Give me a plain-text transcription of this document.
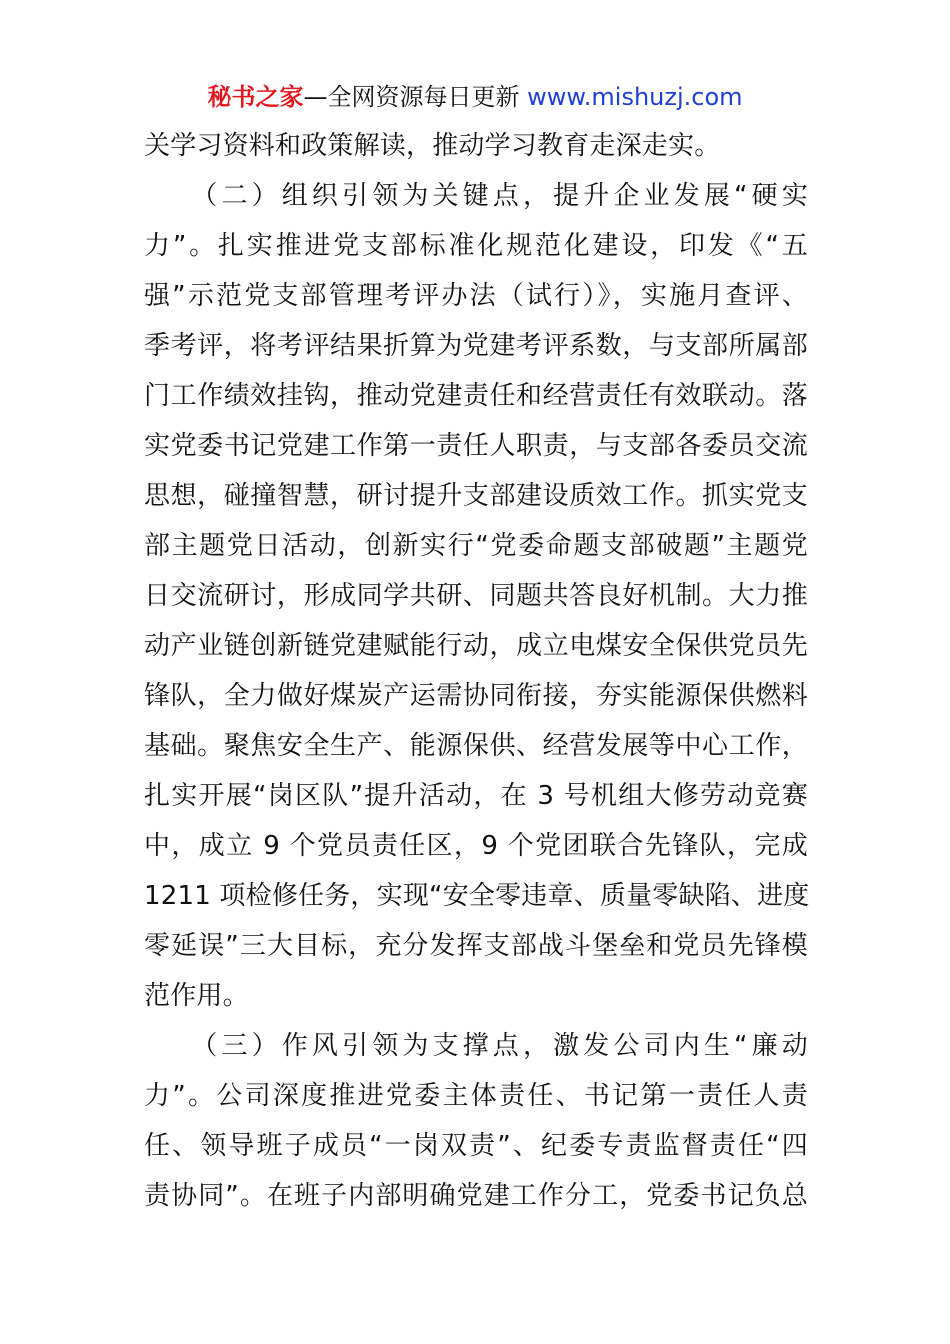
秘书之家—全网资源每日更新 www.mishuzj.com
关学习资料和政策解读，推动学习教育走深走实。
　　（二）组织引领为关键点，提升企业发展“硬实
力”。扎实推进党支部标准化规范化建设，印发《“五
强”示范党支部管理考评办法（试行）》，实施月查评、
季考评，将考评结果折算为党建考评系数，与支部所属部
门工作绩效挂钩，推动党建责任和经营责任有效联动。落
实党委书记党建工作第一责任人职责，与支部各委员交流
思想，碰撞智慧，研讨提升支部建设质效工作。抓实党支
部主题党日活动，创新实行“党委命题支部破题”主题党
日交流研讨，形成同学共研、同题共答良好机制。大力推
动产业链创新链党建赋能行动，成立电煤安全保供党员先
锋队，全力做好煤炭产运需协同衔接，夯实能源保供燃料
基础。聚焦安全生产、能源保供、经营发展等中心工作，
扎实开展“岗区队”提升活动，在 3 号机组大修劳动竞赛
中，成立 9 个党员责任区，9 个党团联合先锋队，完成
1211 项检修任务，实现“安全零违章、质量零缺陷、进度
零延误”三大目标，充分发挥支部战斗堡垒和党员先锋模
范作用。
　　（三）作风引领为支撑点，激发公司内生“廉动
力”。公司深度推进党委主体责任、书记第一责任人责
任、领导班子成员“一岗双责”、纪委专责监督责任“四
责协同”。在班子内部明确党建工作分工，党委书记负总
